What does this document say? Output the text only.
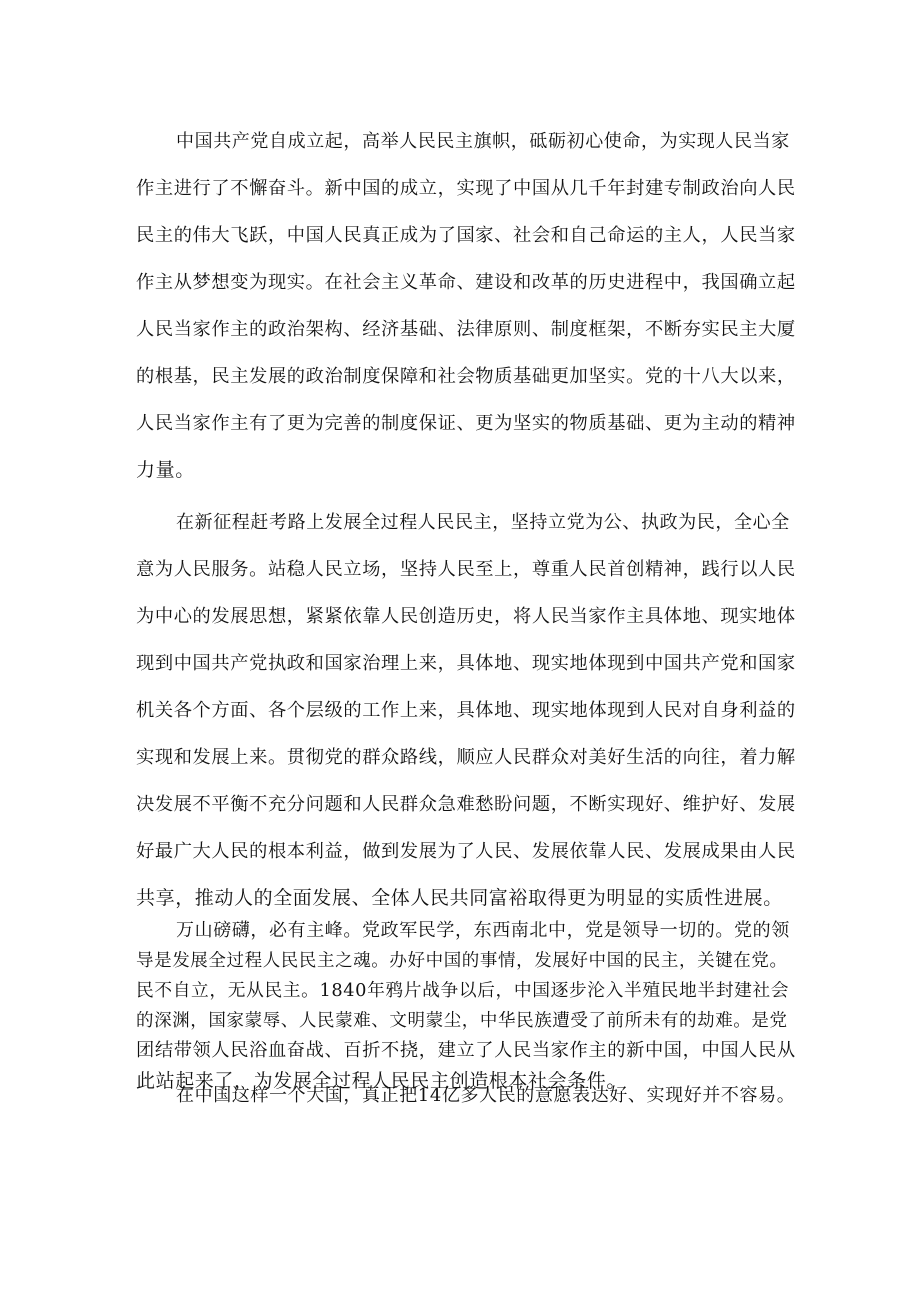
中国共产党自成立起，高举人民民主旗帜，砥砺初心使命，为实现人民当家
作主进行了不懈奋斗。新中国的成立，实现了中国从几千年封建专制政治向人民
民主的伟大飞跃，中国人民真正成为了国家、社会和自己命运的主人，人民当家
作主从梦想变为现实。在社会主义革命、建设和改革的历史进程中，我国确立起
人民当家作主的政治架构、经济基础、法律原则、制度框架，不断夯实民主大厦
的根基，民主发展的政治制度保障和社会物质基础更加坚实。党的十八大以来，
人民当家作主有了更为完善的制度保证、更为坚实的物质基础、更为主动的精神
力量。
在新征程赶考路上发展全过程人民民主，坚持立党为公、执政为民，全心全
意为人民服务。站稳人民立场，坚持人民至上，尊重人民首创精神，践行以人民
为中心的发展思想，紧紧依靠人民创造历史，将人民当家作主具体地、现实地体
现到中国共产党执政和国家治理上来，具体地、现实地体现到中国共产党和国家
机关各个方面、各个层级的工作上来，具体地、现实地体现到人民对自身利益的
实现和发展上来。贯彻党的群众路线，顺应人民群众对美好生活的向往，着力解
决发展不平衡不充分问题和人民群众急难愁盼问题，不断实现好、维护好、发展
好最广大人民的根本利益，做到发展为了人民、发展依靠人民、发展成果由人民
共享，推动人的全面发展、全体人民共同富裕取得更为明显的实质性进展。
万山磅礴，必有主峰。党政军民学，东西南北中，党是领导一切的。党的领
导是发展全过程人民民主之魂。办好中国的事情，发展好中国的民主，关键在党。
民不自立，无从民主。1840年鸦片战争以后，中国逐步沦入半殖民地半封建社会
的深渊，国家蒙辱、人民蒙难、文明蒙尘，中华民族遭受了前所未有的劫难。是党
团结带领人民浴血奋战、百折不挠，建立了人民当家作主的新中国，中国人民从
此站起来了，为发展全过程人民民主创造根本社会条件。
在中国这样一个大国，真正把14亿多人民的意愿表达好、实现好并不容易。
